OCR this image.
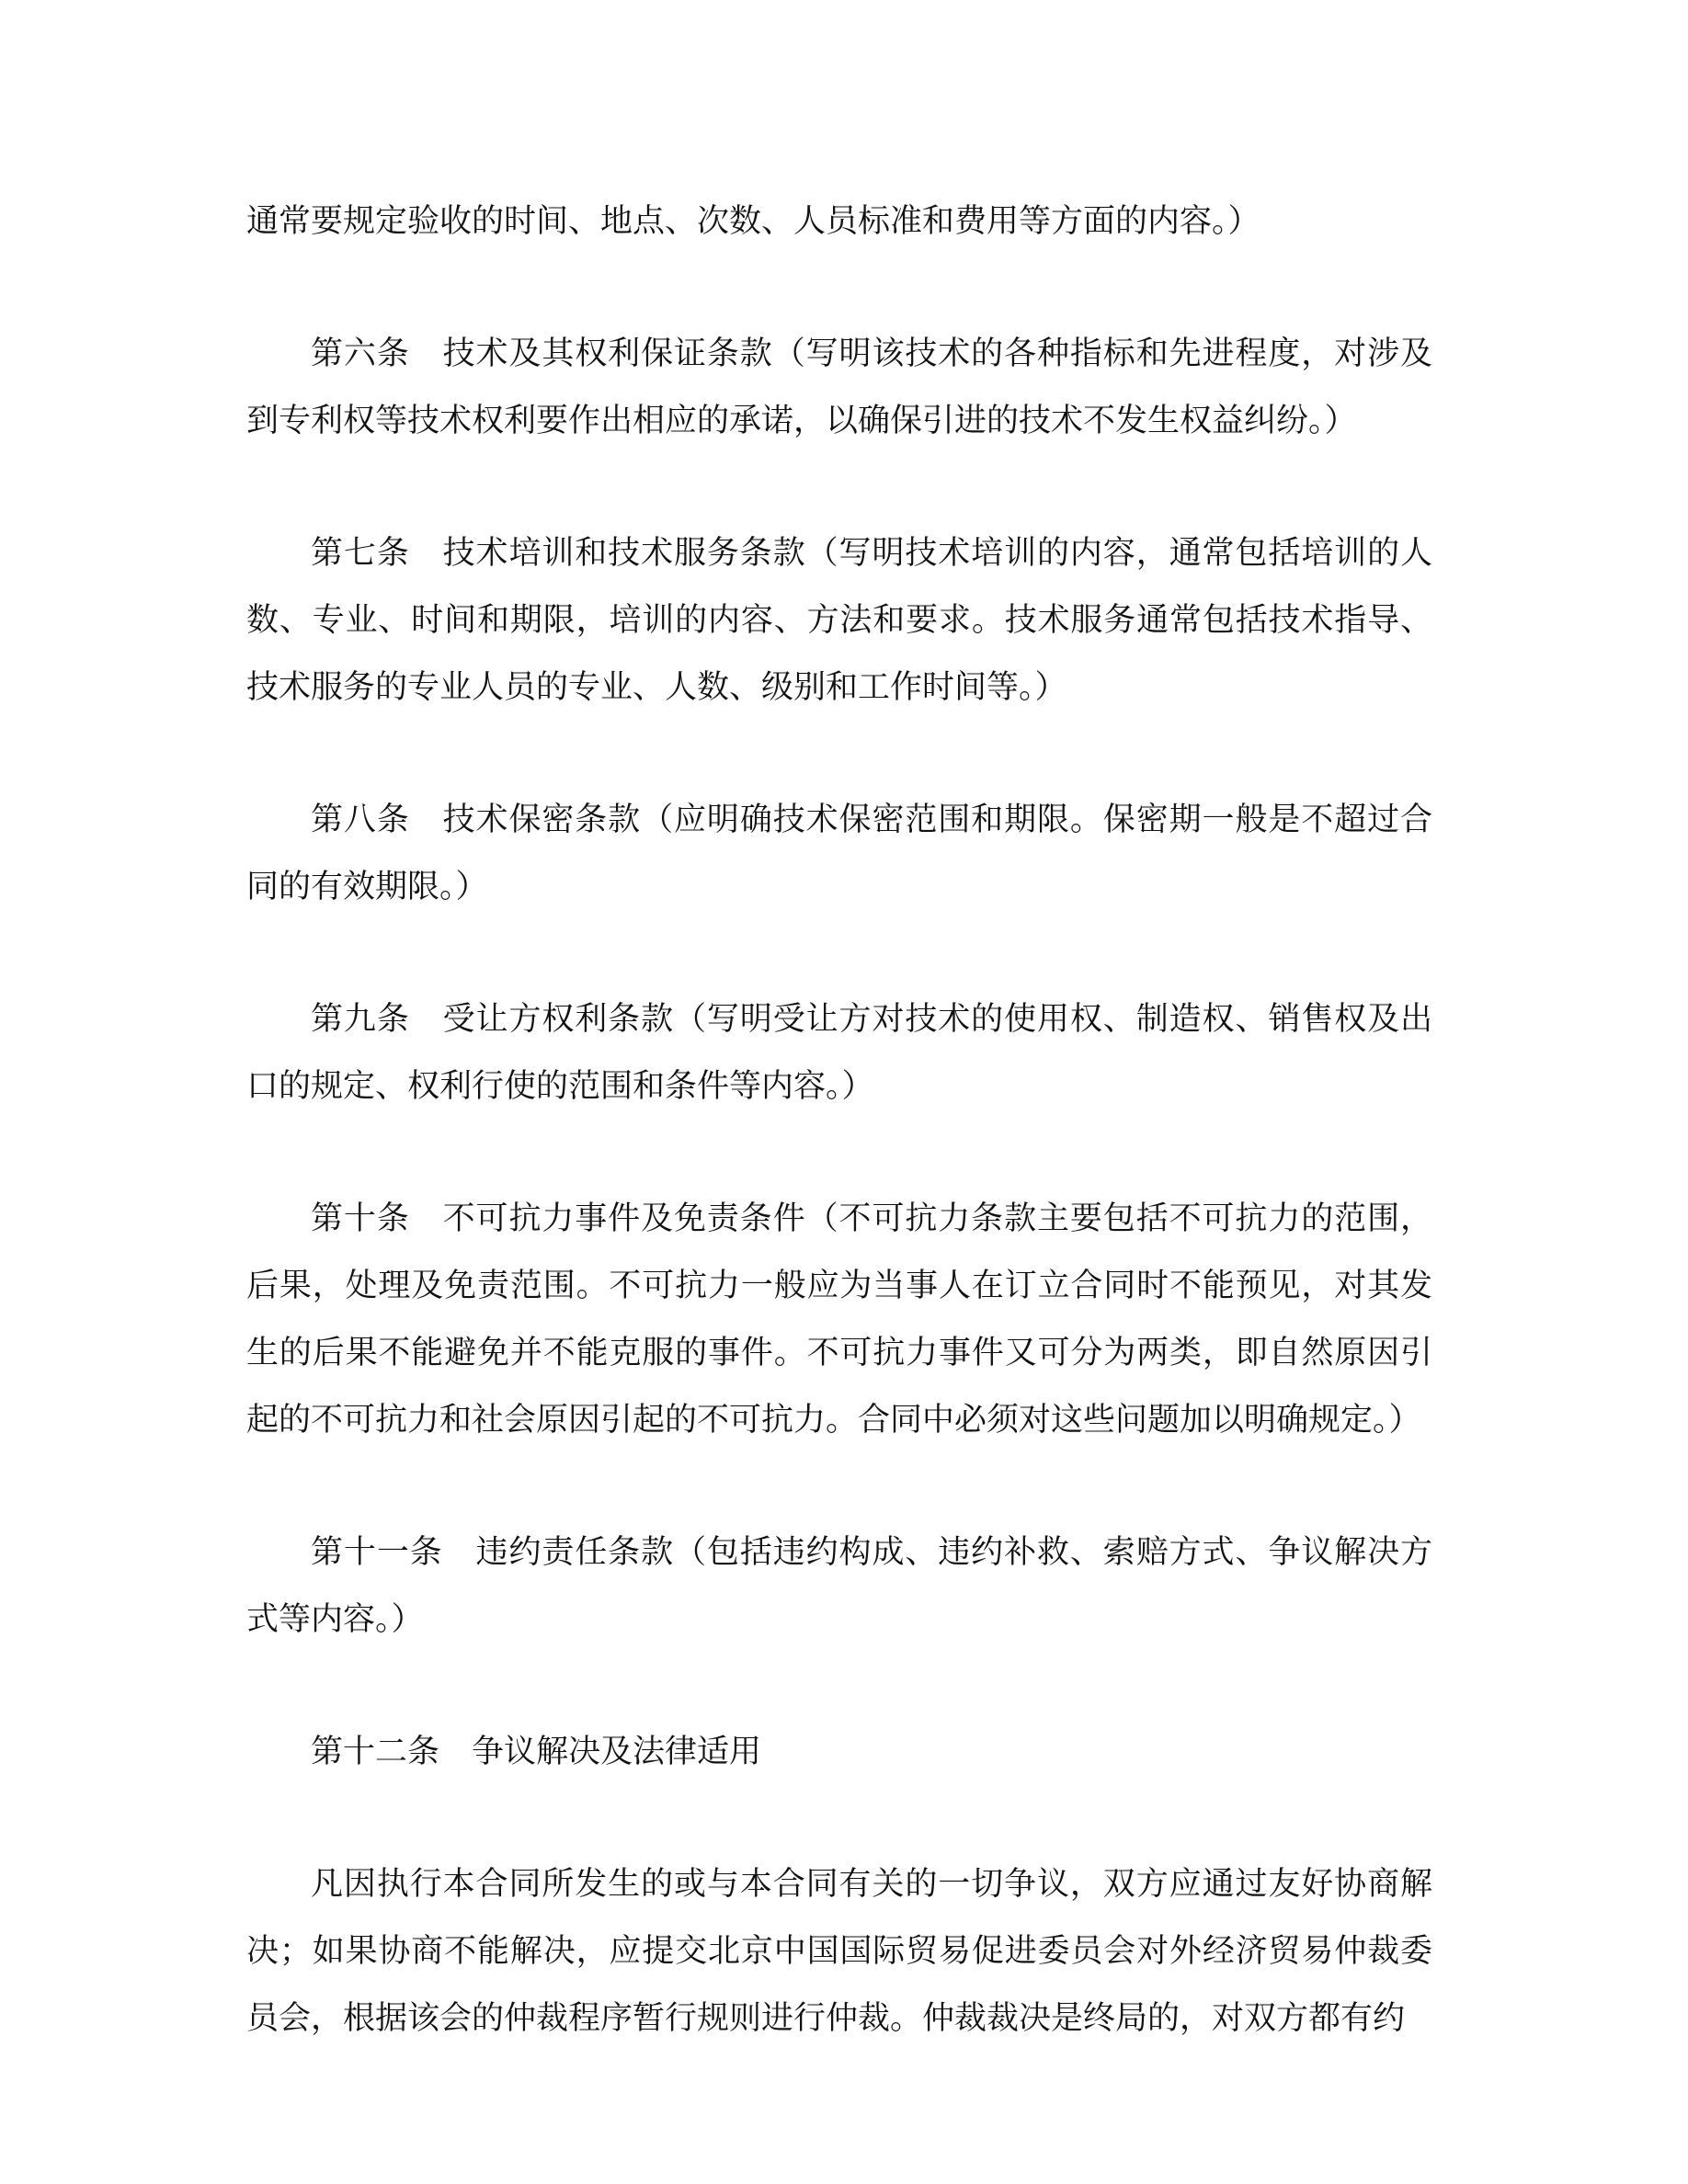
通常要规定验收的时间、地点、次数、人员标准和费用等方面的内容。）

第六条　技术及其权利保证条款（写明该技术的各种指标和先进程度，对涉及到专利权等技术权利要作出相应的承诺，以确保引进的技术不发生权益纠纷。）

第七条　技术培训和技术服务条款（写明技术培训的内容，通常包括培训的人数、专业、时间和期限，培训的内容、方法和要求。技术服务通常包括技术指导、技术服务的专业人员的专业、人数、级别和工作时间等。）

第八条　技术保密条款（应明确技术保密范围和期限。保密期一般是不超过合同的有效期限。）

第九条　受让方权利条款（写明受让方对技术的使用权、制造权、销售权及出口的规定、权利行使的范围和条件等内容。）

第十条　不可抗力事件及免责条件（不可抗力条款主要包括不可抗力的范围，后果，处理及免责范围。不可抗力一般应为当事人在订立合同时不能预见，对其发生的后果不能避免并不能克服的事件。不可抗力事件又可分为两类，即自然原因引起的不可抗力和社会原因引起的不可抗力。合同中必须对这些问题加以明确规定。）

第十一条　违约责任条款（包括违约构成、违约补救、索赔方式、争议解决方式等内容。）

第十二条　争议解决及法律适用

凡因执行本合同所发生的或与本合同有关的一切争议，双方应通过友好协商解决；如果协商不能解决，应提交北京中国国际贸易促进委员会对外经济贸易仲裁委员会，根据该会的仲裁程序暂行规则进行仲裁。仲裁裁决是终局的，对双方都有约
